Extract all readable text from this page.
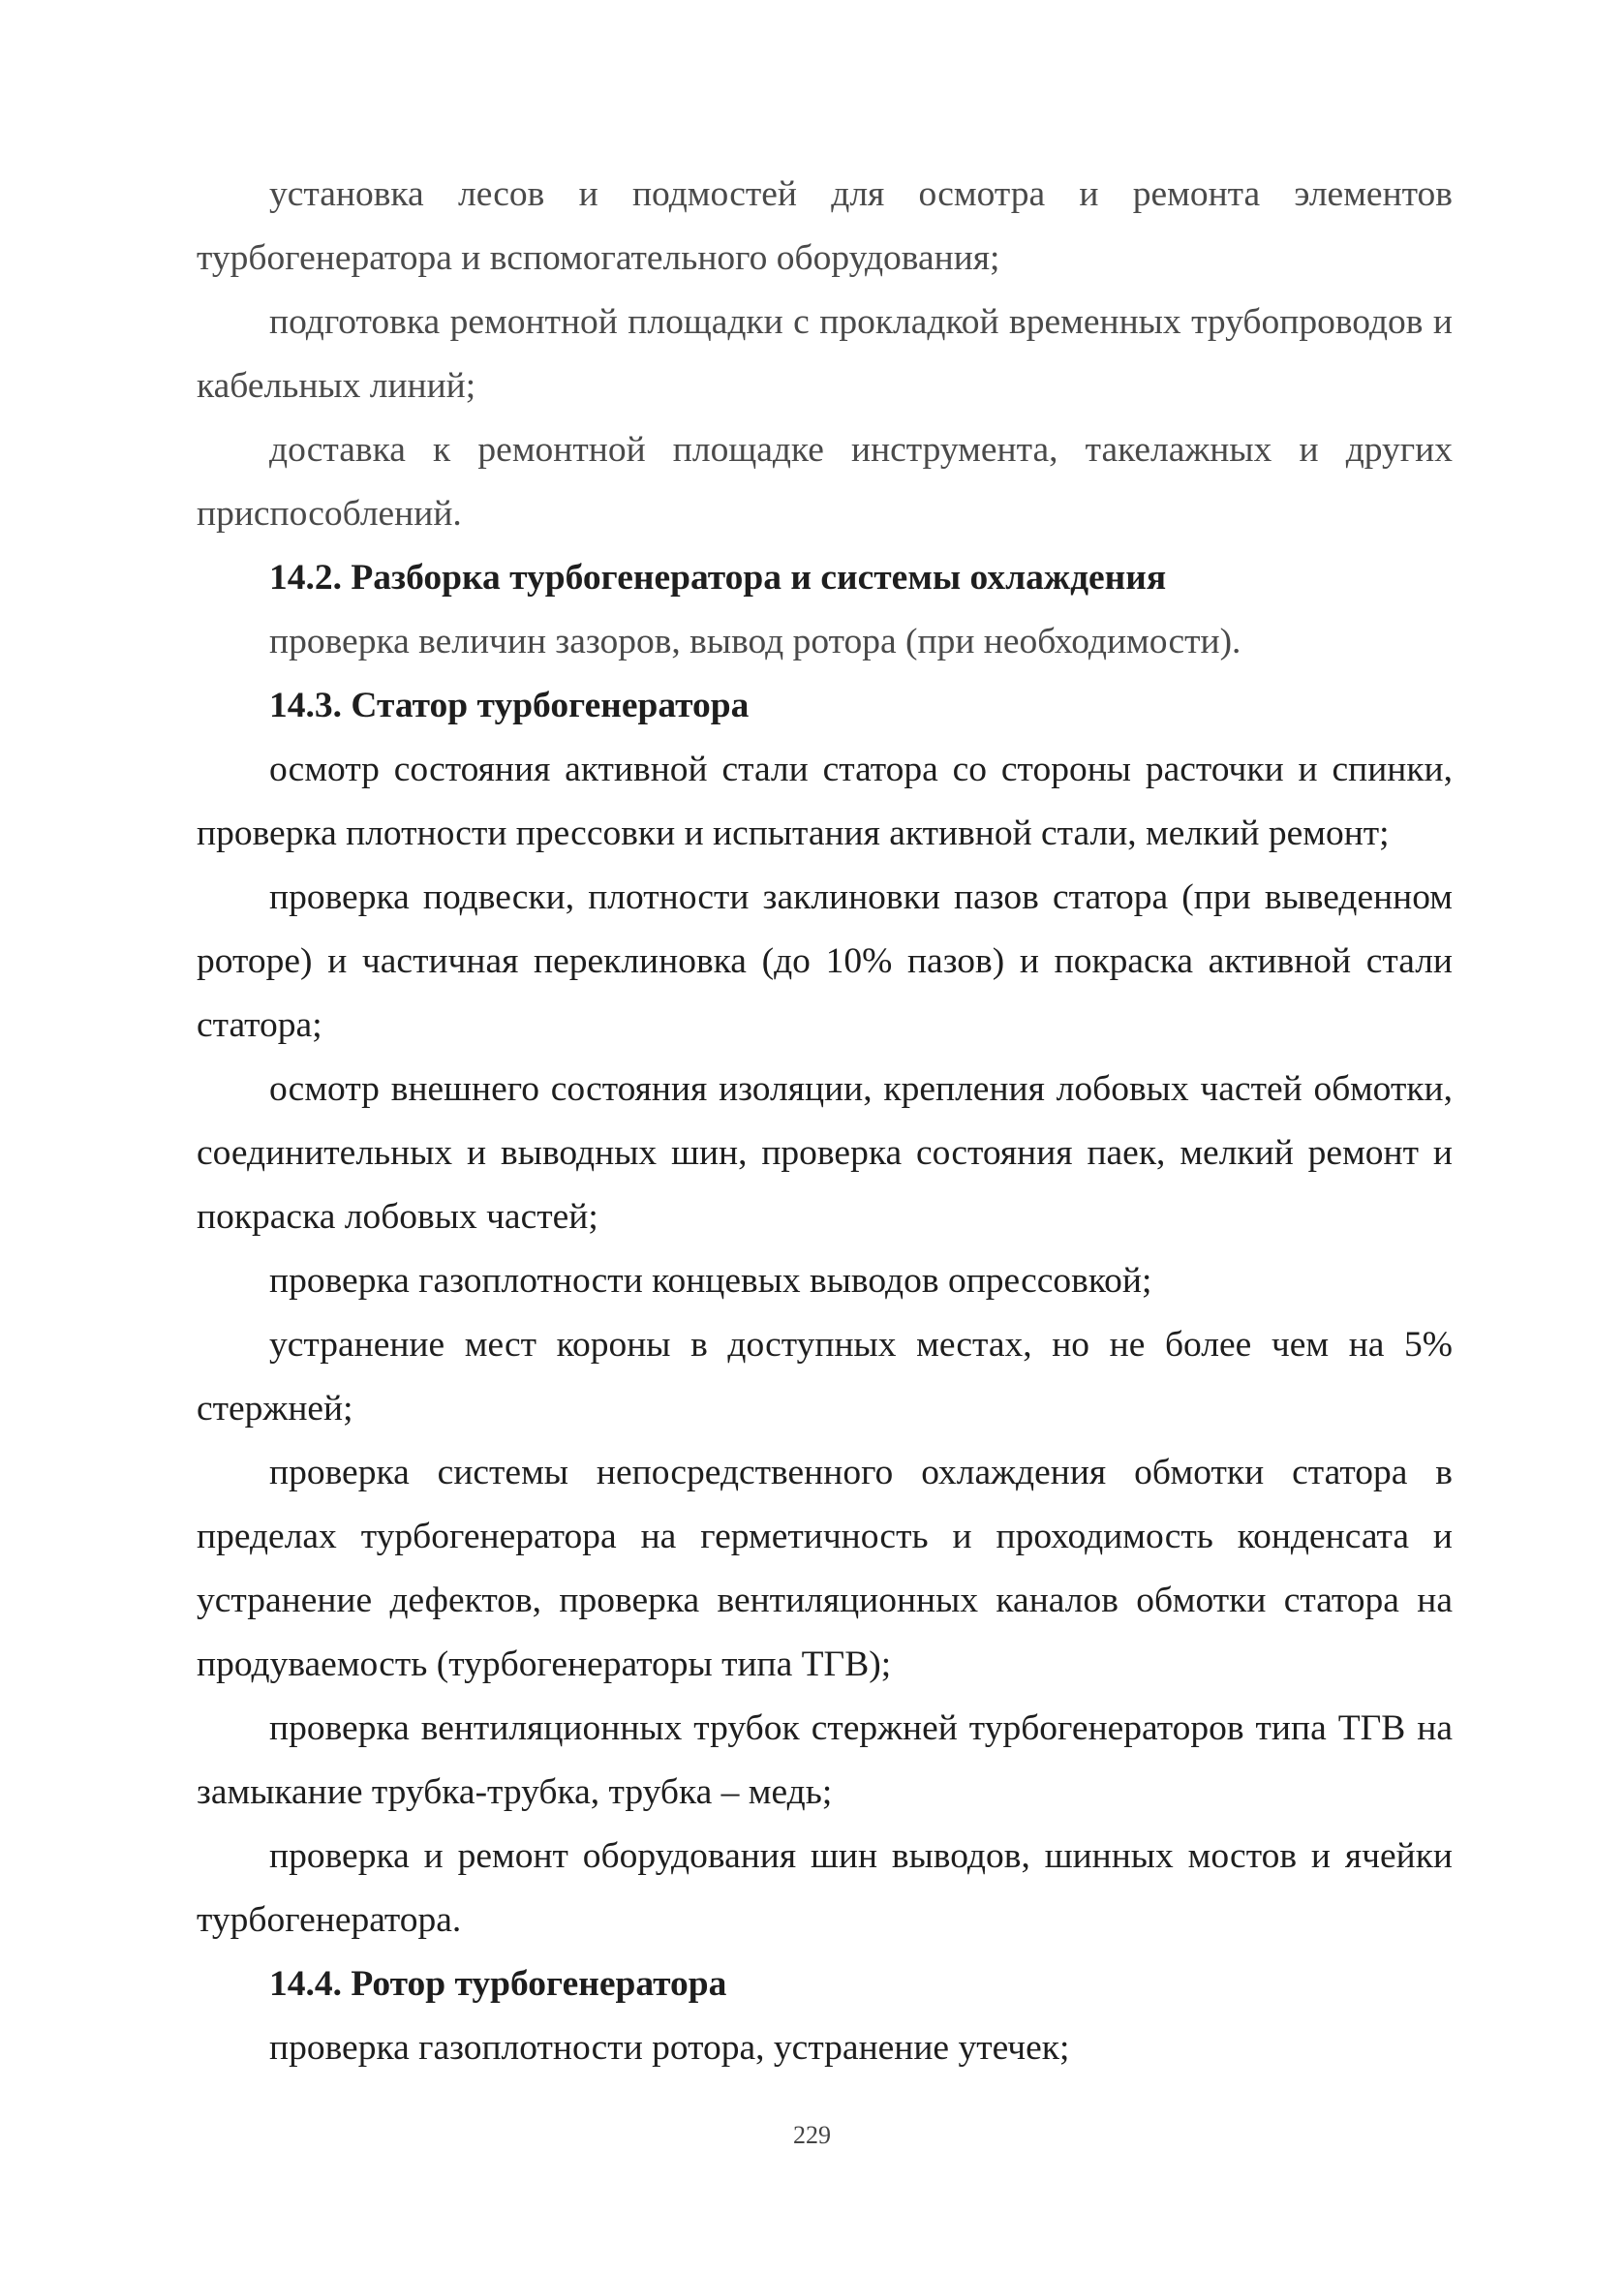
установка лесов и подмостей для осмотра и ремонта элементов турбогенератора и вспомогательного оборудования;

подготовка ремонтной площадки с прокладкой временных трубопроводов и кабельных линий;

доставка к ремонтной площадке инструмента, такелажных и других приспособлений.

14.2. Разборка турбогенератора и системы охлаждения

проверка величин зазоров, вывод ротора (при необходимости).

14.3. Статор турбогенератора

осмотр состояния активной стали статора со стороны расточки и спинки, проверка плотности прессовки и испытания активной стали, мелкий ремонт;

проверка подвески, плотности заклиновки пазов статора (при выведенном роторе) и частичная переклиновка (до 10% пазов) и покраска активной стали статора;

осмотр внешнего состояния изоляции, крепления лобовых частей обмотки, соединительных и выводных шин, проверка состояния паек, мелкий ремонт и покраска лобовых частей;

проверка газоплотности концевых выводов опрессовкой;

устранение мест короны в доступных местах, но не более чем на 5% стержней;

проверка системы непосредственного охлаждения обмотки статора в пределах турбогенератора на герметичность и проходимость конденсата и устранение дефектов, проверка вентиляционных каналов обмотки статора на продуваемость (турбогенераторы типа ТГВ);

проверка вентиляционных трубок стержней турбогенераторов типа ТГВ на замыкание трубка-трубка, трубка – медь;

проверка и ремонт оборудования шин выводов, шинных мостов и ячейки турбогенератора.

14.4. Ротор турбогенератора

проверка газоплотности ротора, устранение утечек;

229
